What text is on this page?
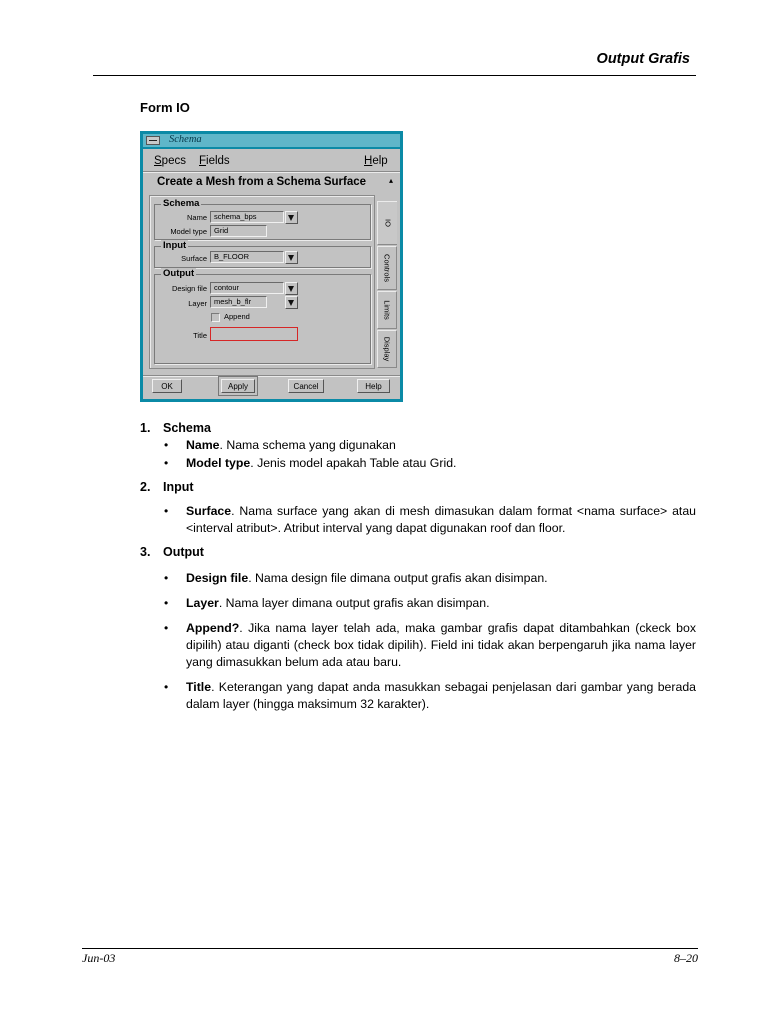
Output Grafis
Form IO
Schema
Specs Fields	Help
Create a Mesh from a Schema Surface	▴
Schema
Name schema_bps
Model type Grid
Input
Surface B_FLOOR
Output
Design file contour
Layer mesh_b_flr
Append
Title
IO
Controls
Limits
Display
OK	Apply	Cancel	Help
1. Schema
• Name. Nama schema yang digunakan
• Model type. Jenis model apakah Table atau Grid.
2. Input
• Surface. Nama surface yang akan di mesh dimasukan dalam format <nama surface> atau <interval atribut>. Atribut interval yang dapat digunakan roof dan floor.
3. Output
• Design file. Nama design file dimana output grafis akan disimpan.
• Layer. Nama layer dimana output grafis akan disimpan.
• Append?. Jika nama layer telah ada, maka gambar grafis dapat ditambahkan (ckeck box dipilih) atau diganti (check box tidak dipilih). Field ini tidak akan berpengaruh jika nama layer yang dimasukkan belum ada atau baru.
• Title. Keterangan yang dapat anda masukkan sebagai penjelasan dari gambar yang berada dalam layer (hingga maksimum 32 karakter).
Jun-03	8–20
